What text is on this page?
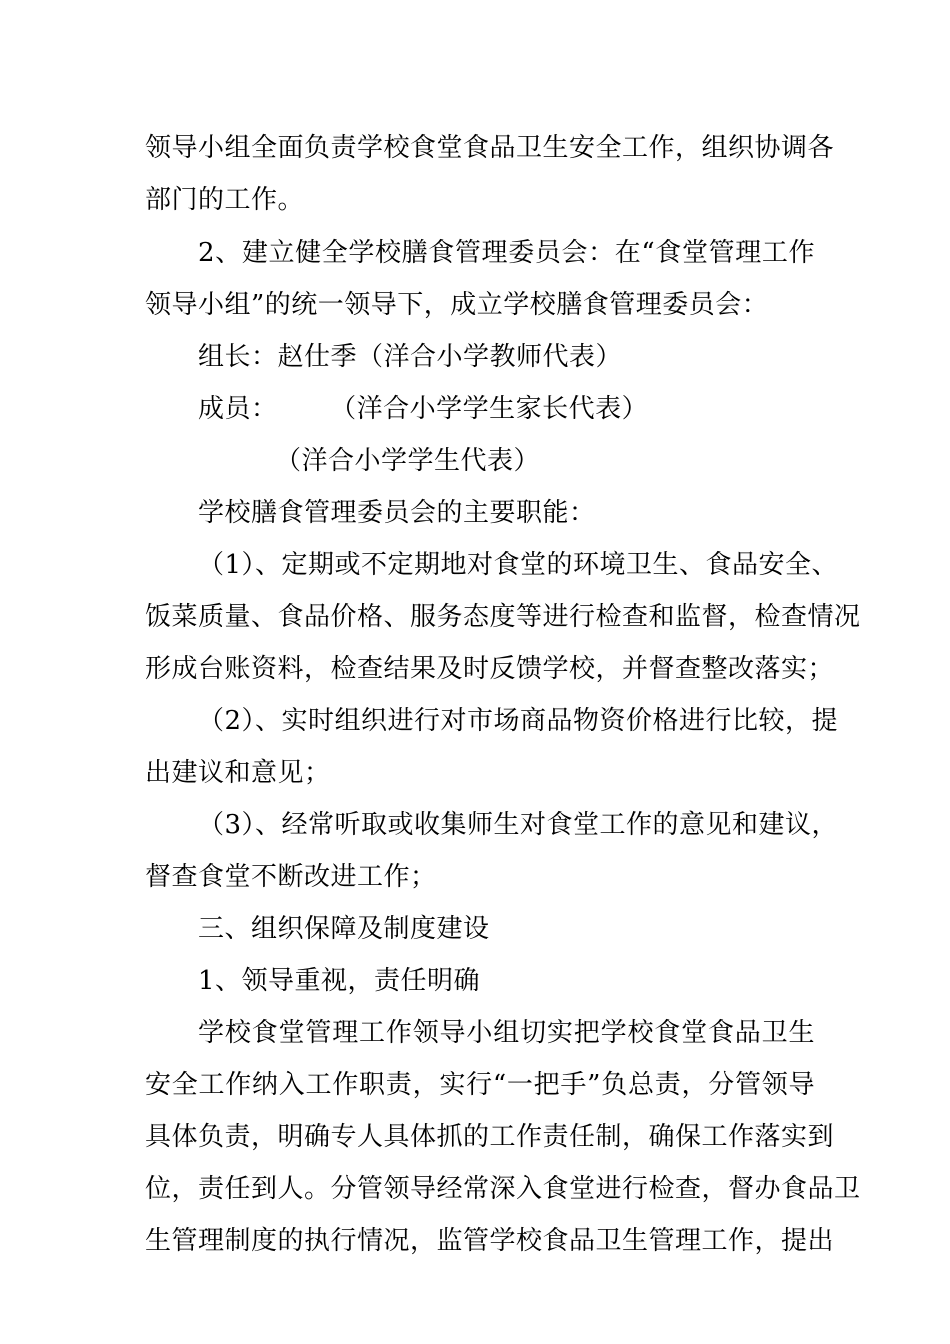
领导小组全面负责学校食堂食品卫生安全工作，组织协调各
部门的工作。
2、建立健全学校膳食管理委员会：在“食堂管理工作
领导小组”的统一领导下，成立学校膳食管理委员会：
组长：赵仕季（洋合小学教师代表）
成员：      （洋合小学学生家长代表）
（洋合小学学生代表）
学校膳食管理委员会的主要职能：
（1）、定期或不定期地对食堂的环境卫生、食品安全、
饭菜质量、食品价格、服务态度等进行检查和监督，检查情况
形成台账资料，检查结果及时反馈学校，并督查整改落实；
（2）、实时组织进行对市场商品物资价格进行比较，提
出建议和意见；
（3）、经常听取或收集师生对食堂工作的意见和建议，
督查食堂不断改进工作；
三、组织保障及制度建设
1、领导重视，责任明确
学校食堂管理工作领导小组切实把学校食堂食品卫生
安全工作纳入工作职责，实行“一把手”负总责，分管领导
具体负责，明确专人具体抓的工作责任制，确保工作落实到
位，责任到人。分管领导经常深入食堂进行检查，督办食品卫
生管理制度的执行情况，监管学校食品卫生管理工作，提出
